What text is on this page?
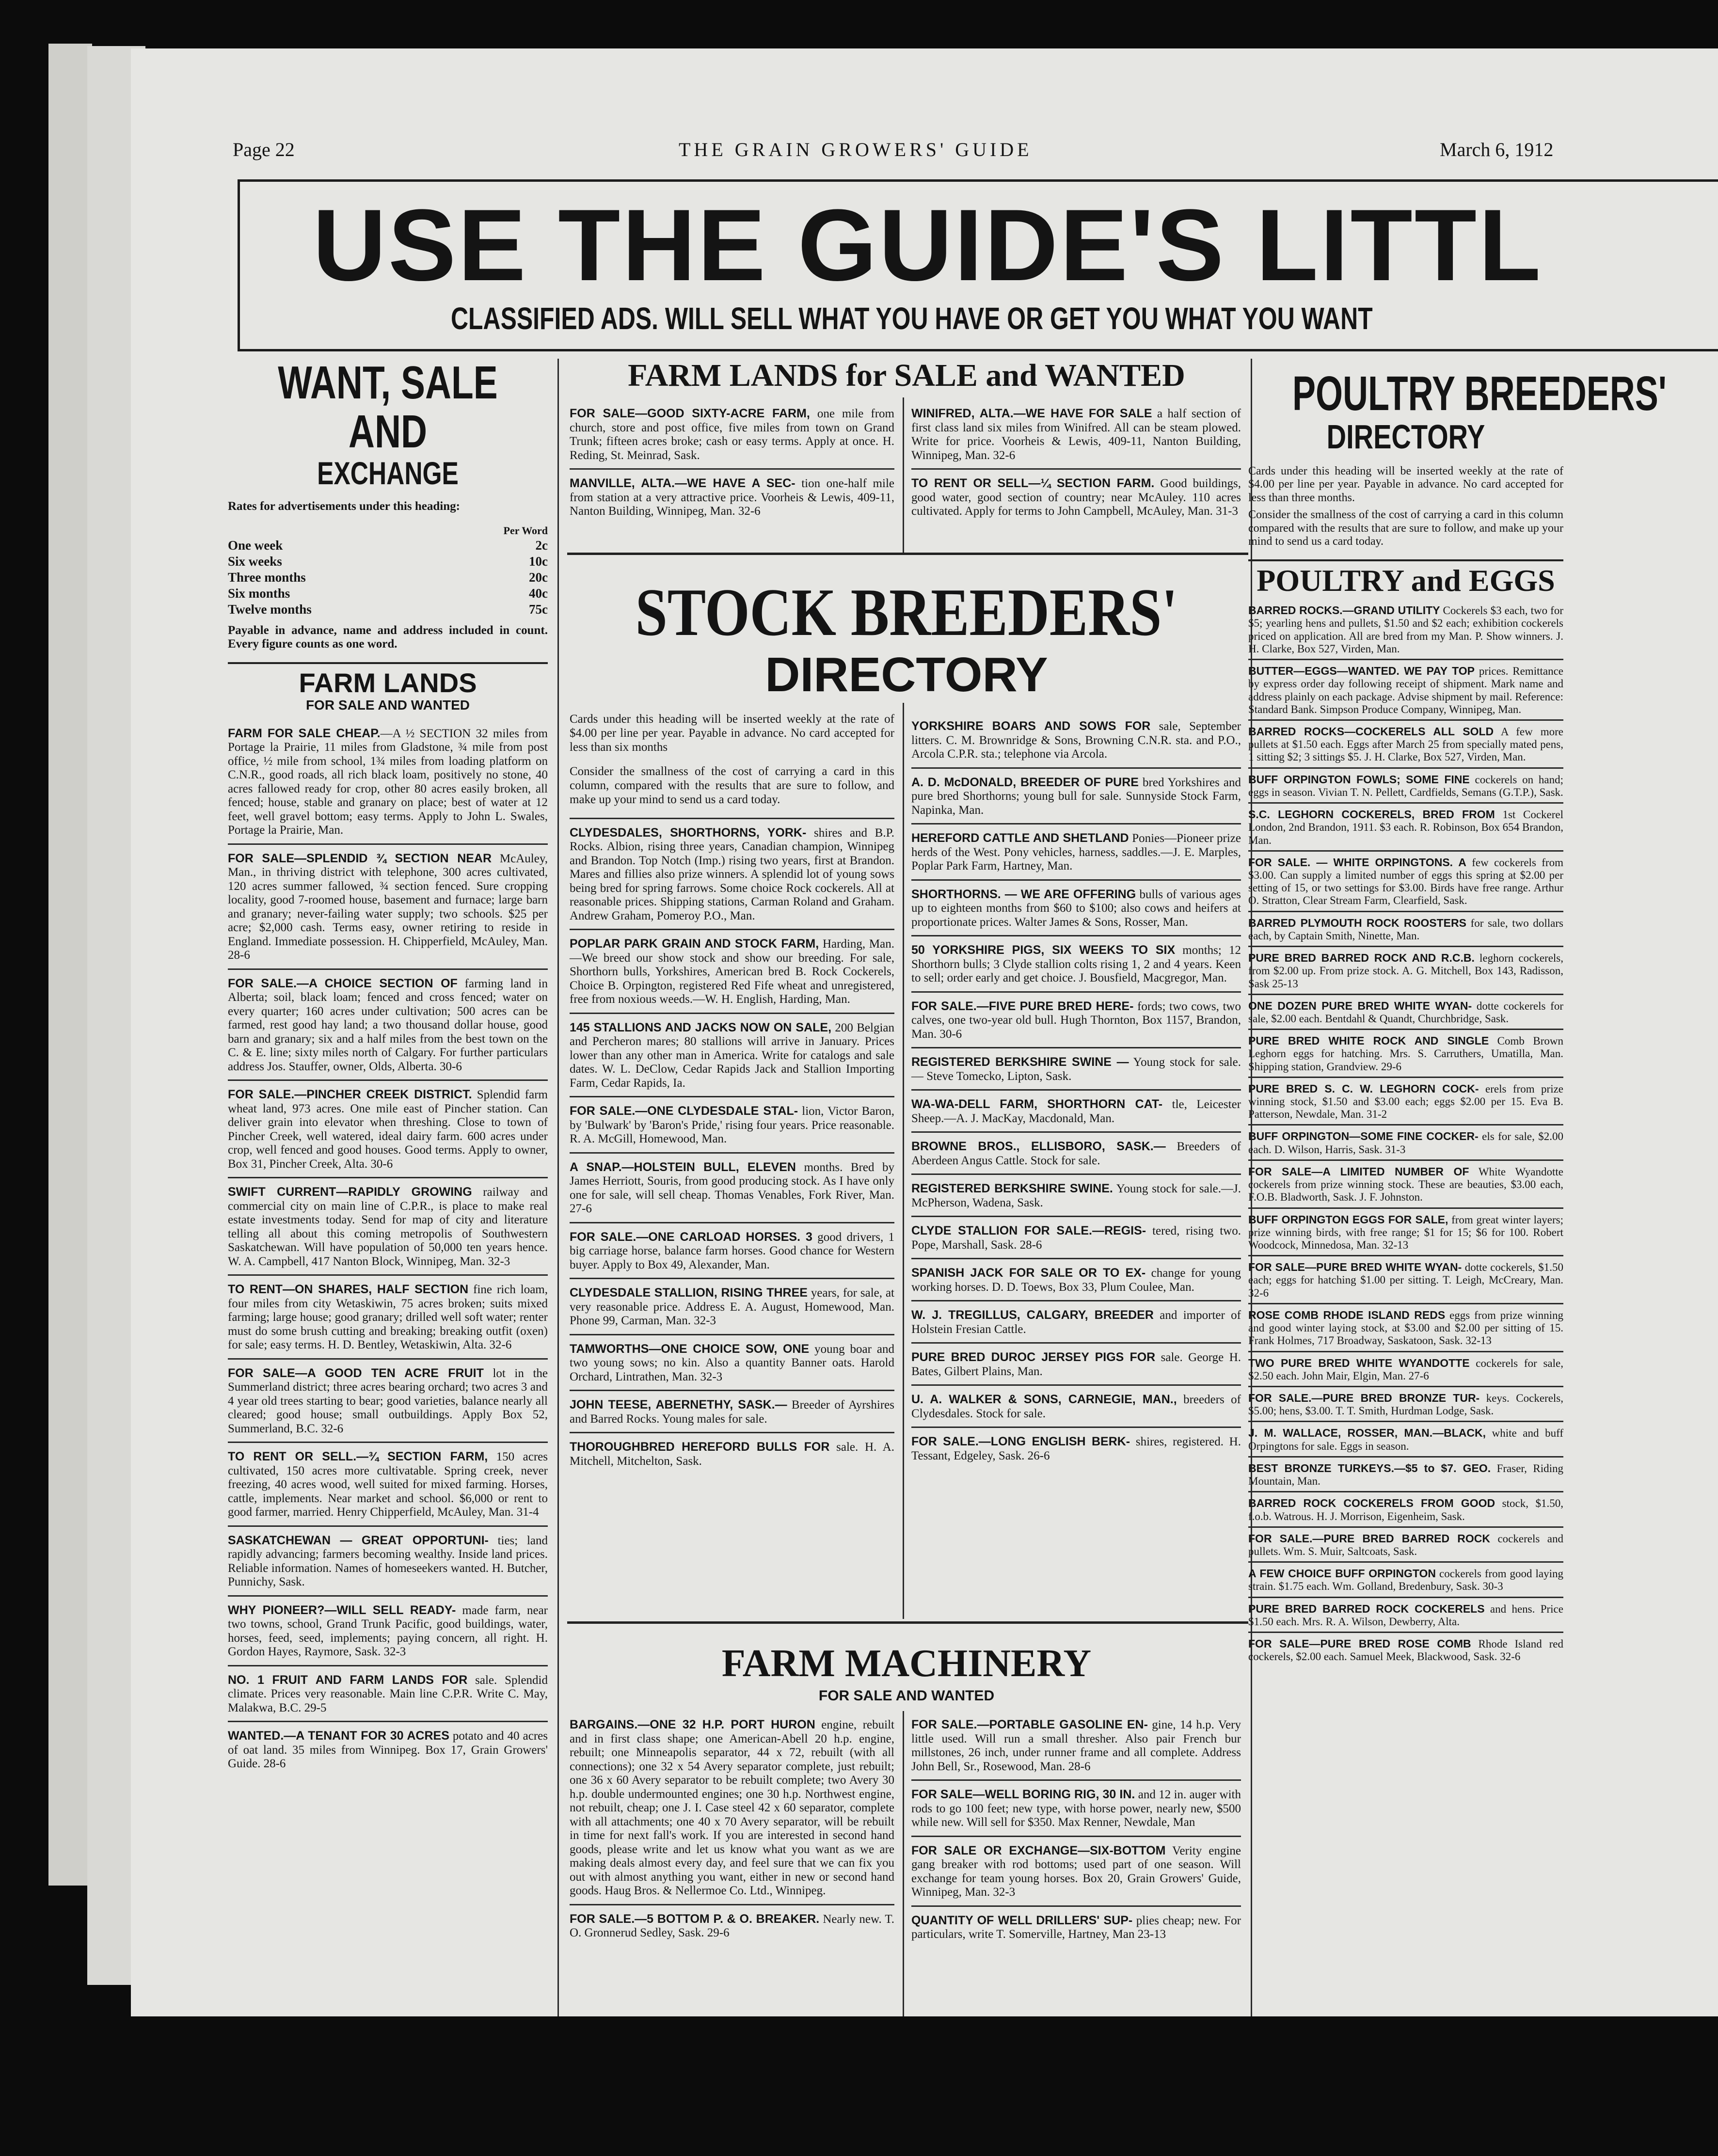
Page 22	THE GRAIN GROWERS' GUIDE	March 6, 1912
USE THE GUIDE'S LITTL
CLASSIFIED ADS. WILL SELL WHAT YOU HAVE OR GET YOU WHAT YOU WANT
WANT, SALE AND
EXCHANGE

Rates for advertisements under this heading:

Per Word
One week	2c
Six weeks	10c
Three months	20c
Six months	40c
Twelve months	75c

Payable in advance, name and address included in count. Every figure counts as one word.

FARM LANDS
FOR SALE AND WANTED

FARM FOR SALE CHEAP.—A ½ SECTION 32 miles from Portage la Prairie, 11 miles from Gladstone, ¾ mile from post office, ½ mile from school, 1¾ miles from loading platform on C.N.R., good roads, all rich black loam, positively no stone, 40 acres fallowed ready for crop, other 80 acres easily broken, all fenced; house, stable and granary on place; best of water at 12 feet, well gravel bottom; easy terms. Apply to John L. Swales, Portage la Prairie, Man.

FOR SALE—SPLENDID ¾ SECTION NEAR McAuley, Man., in thriving district with telephone, 300 acres cultivated, 120 acres summer fallowed, ¾ section fenced. Sure cropping locality, good 7-roomed house, basement and furnace; large barn and granary; never-failing water supply; two schools. $25 per acre; $2,000 cash. Terms easy, owner retiring to reside in England. Immediate possession. H. Chipperfield, McAuley, Man. 28-6

FOR SALE.—A CHOICE SECTION OF farming land in Alberta; soil, black loam; fenced and cross fenced; water on every quarter; 160 acres under cultivation; 500 acres can be farmed, rest good hay land; a two thousand dollar house, good barn and granary; six and a half miles from the best town on the C. & E. line; sixty miles north of Calgary. For further particulars address Jos. Stauffer, owner, Olds, Alberta. 30-6

FOR SALE.—PINCHER CREEK DISTRICT. Splendid farm wheat land, 973 acres. One mile east of Pincher station. Can deliver grain into elevator when threshing. Close to town of Pincher Creek, well watered, ideal dairy farm. 600 acres under crop, well fenced and good houses. Good terms. Apply to owner, Box 31, Pincher Creek, Alta. 30-6

SWIFT CURRENT—RAPIDLY GROWING railway and commercial city on main line of C.P.R., is place to make real estate investments today. Send for map of city and literature telling all about this coming metropolis of Southwestern Saskatchewan. Will have population of 50,000 ten years hence. W. A. Campbell, 417 Nanton Block, Winnipeg, Man. 32-3

TO RENT—ON SHARES, HALF SECTION fine rich loam, four miles from city Wetaskiwin, 75 acres broken; suits mixed farming; large house; good granary; drilled well soft water; renter must do some brush cutting and breaking; breaking outfit (oxen) for sale; easy terms. H. D. Bentley, Wetaskiwin, Alta. 32-6

FOR SALE—A GOOD TEN ACRE FRUIT lot in the Summerland district; three acres bearing orchard; two acres 3 and 4 year old trees starting to bear; good varieties, balance nearly all cleared; good house; small outbuildings. Apply Box 52, Summerland, B.C. 32-6

TO RENT OR SELL.—¾ SECTION FARM, 150 acres cultivated, 150 acres more cultivatable. Spring creek, never freezing, 40 acres wood, well suited for mixed farming. Horses, cattle, implements. Near market and school. $6,000 or rent to good farmer, married. Henry Chipperfield, McAuley, Man. 31-4

SASKATCHEWAN — GREAT OPPORTUNI- ties; land rapidly advancing; farmers becoming wealthy. Inside land prices. Reliable information. Names of homeseekers wanted. H. Butcher, Punnichy, Sask.

WHY PIONEER?—WILL SELL READY- made farm, near two towns, school, Grand Trunk Pacific, good buildings, water, horses, feed, seed, implements; paying concern, all right. H. Gordon Hayes, Raymore, Sask. 32-3

NO. 1 FRUIT AND FARM LANDS FOR sale. Splendid climate. Prices very reasonable. Main line C.P.R. Write C. May, Malakwa, B.C. 29-5

WANTED.—A TENANT FOR 30 ACRES potato and 40 acres of oat land. 35 miles from Winnipeg. Box 17, Grain Growers' Guide. 28-6

FARM LANDS for SALE and WANTED

FOR SALE—GOOD SIXTY-ACRE FARM, one mile from church, store and post office, five miles from town on Grand Trunk; fifteen acres broke; cash or easy terms. Apply at once. H. Reding, St. Meinrad, Sask.

MANVILLE, ALTA.—WE HAVE A SEC- tion one-half mile from station at a very attractive price. Voorheis & Lewis, 409-11, Nanton Building, Winnipeg, Man. 32-6

WINIFRED, ALTA.—WE HAVE FOR SALE a half section of first class land six miles from Winifred. All can be steam plowed. Write for price. Voorheis & Lewis, 409-11, Nanton Building, Winnipeg, Man. 32-6

TO RENT OR SELL—¼ SECTION FARM. Good buildings, good water, good section of country; near McAuley. 110 acres cultivated. Apply for terms to John Campbell, McAuley, Man. 31-3

STOCK BREEDERS'
DIRECTORY

Cards under this heading will be inserted weekly at the rate of $4.00 per line per year. Payable in advance. No card accepted for less than six months

Consider the smallness of the cost of carrying a card in this column, compared with the results that are sure to follow, and make up your mind to send us a card today.

CLYDESDALES, SHORTHORNS, YORK- shires and B.P. Rocks. Albion, rising three years, Canadian champion, Winnipeg and Brandon. Top Notch (Imp.) rising two years, first at Brandon. Mares and fillies also prize winners. A splendid lot of young sows being bred for spring farrows. Some choice Rock cockerels. All at reasonable prices. Shipping stations, Carman Roland and Graham. Andrew Graham, Pomeroy P.O., Man.

POPLAR PARK GRAIN AND STOCK FARM, Harding, Man.—We breed our show stock and show our breeding. For sale, Shorthorn bulls, Yorkshires, American bred B. Rock Cockerels, Choice B. Orpington, registered Red Fife wheat and unregistered, free from noxious weeds.—W. H. English, Harding, Man.

145 STALLIONS AND JACKS NOW ON SALE, 200 Belgian and Percheron mares; 80 stallions will arrive in January. Prices lower than any other man in America. Write for catalogs and sale dates. W. L. DeClow, Cedar Rapids Jack and Stallion Importing Farm, Cedar Rapids, Ia.

FOR SALE.—ONE CLYDESDALE STAL- lion, Victor Baron, by 'Bulwark' by 'Baron's Pride,' rising four years. Price reasonable. R. A. McGill, Homewood, Man.

A SNAP.—HOLSTEIN BULL, ELEVEN months. Bred by James Herriott, Souris, from good producing stock. As I have only one for sale, will sell cheap. Thomas Venables, Fork River, Man. 27-6

FOR SALE.—ONE CARLOAD HORSES. 3 good drivers, 1 big carriage horse, balance farm horses. Good chance for Western buyer. Apply to Box 49, Alexander, Man.

CLYDESDALE STALLION, RISING THREE years, for sale, at very reasonable price. Address E. A. August, Homewood, Man. Phone 99, Carman, Man. 32-3

TAMWORTHS—ONE CHOICE SOW, ONE young boar and two young sows; no kin. Also a quantity Banner oats. Harold Orchard, Lintrathen, Man. 32-3

JOHN TEESE, ABERNETHY, SASK.— Breeder of Ayrshires and Barred Rocks. Young males for sale.

THOROUGHBRED HEREFORD BULLS FOR sale. H. A. Mitchell, Mitchelton, Sask.

YORKSHIRE BOARS AND SOWS FOR sale, September litters. C. M. Brownridge & Sons, Browning C.N.R. sta. and P.O., Arcola C.P.R. sta.; telephone via Arcola.

A. D. McDONALD, BREEDER OF PURE bred Yorkshires and pure bred Shorthorns; young bull for sale. Sunnyside Stock Farm, Napinka, Man.

HEREFORD CATTLE AND SHETLAND Ponies—Pioneer prize herds of the West. Pony vehicles, harness, saddles.—J. E. Marples, Poplar Park Farm, Hartney, Man.

SHORTHORNS. — WE ARE OFFERING bulls of various ages up to eighteen months from $60 to $100; also cows and heifers at proportionate prices. Walter James & Sons, Rosser, Man.

50 YORKSHIRE PIGS, SIX WEEKS TO SIX months; 12 Shorthorn bulls; 3 Clyde stallion colts rising 1, 2 and 4 years. Keen to sell; order early and get choice. J. Bousfield, Macgregor, Man.

FOR SALE.—FIVE PURE BRED HERE- fords; two cows, two calves, one two-year old bull. Hugh Thornton, Box 1157, Brandon, Man. 30-6

REGISTERED BERKSHIRE SWINE — Young stock for sale. — Steve Tomecko, Lipton, Sask.

WA-WA-DELL FARM, SHORTHORN CAT- tle, Leicester Sheep.—A. J. MacKay, Macdonald, Man.

BROWNE BROS., ELLISBORO, SASK.— Breeders of Aberdeen Angus Cattle. Stock for sale.

REGISTERED BERKSHIRE SWINE. Young stock for sale.—J. McPherson, Wadena, Sask.

CLYDE STALLION FOR SALE.—REGIS- tered, rising two. Pope, Marshall, Sask. 28-6

SPANISH JACK FOR SALE OR TO EX- change for young working horses. D. D. Toews, Box 33, Plum Coulee, Man.

W. J. TREGILLUS, CALGARY, BREEDER and importer of Holstein Fresian Cattle.

PURE BRED DUROC JERSEY PIGS FOR sale. George H. Bates, Gilbert Plains, Man.

U. A. WALKER & SONS, CARNEGIE, MAN., breeders of Clydesdales. Stock for sale.

FOR SALE.—LONG ENGLISH BERK- shires, registered. H. Tessant, Edgeley, Sask. 26-6

FARM MACHINERY
FOR SALE AND WANTED

BARGAINS.—ONE 32 H.P. PORT HURON engine, rebuilt and in first class shape; one American-Abell 20 h.p. engine, rebuilt; one Minneapolis separator, 44 x 72, rebuilt (with all connections); one 32 x 54 Avery separator complete, just rebuilt; one 36 x 60 Avery separator to be rebuilt complete; two Avery 30 h.p. double undermounted engines; one 30 h.p. Northwest engine, not rebuilt, cheap; one J. I. Case steel 42 x 60 separator, complete with all attachments; one 40 x 70 Avery separator, will be rebuilt in time for next fall's work. If you are interested in second hand goods, please write and let us know what you want as we are making deals almost every day, and feel sure that we can fix you out with almost anything you want, either in new or second hand goods. Haug Bros. & Nellermoe Co. Ltd., Winnipeg.

FOR SALE.—5 BOTTOM P. & O. BREAKER. Nearly new. T. O. Gronnerud Sedley, Sask. 29-6

FOR SALE.—PORTABLE GASOLINE EN- gine, 14 h.p. Very little used. Will run a small thresher. Also pair French bur millstones, 26 inch, under runner frame and all complete. Address John Bell, Sr., Rosewood, Man. 28-6

FOR SALE—WELL BORING RIG, 30 IN. and 12 in. auger with rods to go 100 feet; new type, with horse power, nearly new, $500 while new. Will sell for $350. Max Renner, Newdale, Man

FOR SALE OR EXCHANGE—SIX-BOTTOM Verity engine gang breaker with rod bottoms; used part of one season. Will exchange for team young horses. Box 20, Grain Growers' Guide, Winnipeg, Man. 32-3

QUANTITY OF WELL DRILLERS' SUP- plies cheap; new. For particulars, write T. Somerville, Hartney, Man 23-13

POULTRY BREEDERS'
DIRECTORY

Cards under this heading will be inserted weekly at the rate of $4.00 per line per year. Payable in advance. No card accepted for less than three months.

Consider the smallness of the cost of carrying a card in this column compared with the results that are sure to follow, and make up your mind to send us a card today.

POULTRY and EGGS

BARRED ROCKS.—GRAND UTILITY Cockerels $3 each, two for $5; yearling hens and pullets, $1.50 and $2 each; exhibition cockerels priced on application. All are bred from my Man. P. Show winners. J. H. Clarke, Box 527, Virden, Man.

BUTTER—EGGS—WANTED. WE PAY TOP prices. Remittance by express order day following receipt of shipment. Mark name and address plainly on each package. Advise shipment by mail. Reference: Standard Bank. Simpson Produce Company, Winnipeg, Man.

BARRED ROCKS—COCKERELS ALL SOLD A few more pullets at $1.50 each. Eggs after March 25 from specially mated pens, 1 sitting $2; 3 sittings $5. J. H. Clarke, Box 527, Virden, Man.

BUFF ORPINGTON FOWLS; SOME FINE cockerels on hand; eggs in season. Vivian T. N. Pellett, Cardfields, Semans (G.T.P.), Sask.

S.C. LEGHORN COCKERELS, BRED FROM 1st Cockerel London, 2nd Brandon, 1911. $3 each. R. Robinson, Box 654 Brandon, Man.

FOR SALE. — WHITE ORPINGTONS. A few cockerels from $3.00. Can supply a limited number of eggs this spring at $2.00 per setting of 15, or two settings for $3.00. Birds have free range. Arthur O. Stratton, Clear Stream Farm, Clearfield, Sask.

BARRED PLYMOUTH ROCK ROOSTERS for sale, two dollars each, by Captain Smith, Ninette, Man.

PURE BRED BARRED ROCK AND R.C.B. leghorn cockerels, from $2.00 up. From prize stock. A. G. Mitchell, Box 143, Radisson, Sask 25-13

ONE DOZEN PURE BRED WHITE WYAN- dotte cockerels for sale, $2.00 each. Bentdahl & Quandt, Churchbridge, Sask.

PURE BRED WHITE ROCK AND SINGLE Comb Brown Leghorn eggs for hatching. Mrs. S. Carruthers, Umatilla, Man. Shipping station, Grandview. 29-6

PURE BRED S. C. W. LEGHORN COCK- erels from prize winning stock, $1.50 and $3.00 each; eggs $2.00 per 15. Eva B. Patterson, Newdale, Man. 31-2

BUFF ORPINGTON—SOME FINE COCKER- els for sale, $2.00 each. D. Wilson, Harris, Sask. 31-3

FOR SALE—A LIMITED NUMBER OF White Wyandotte cockerels from prize winning stock. These are beauties, $3.00 each, F.O.B. Bladworth, Sask. J. F. Johnston.

BUFF ORPINGTON EGGS FOR SALE, from great winter layers; prize winning birds, with free range; $1 for 15; $6 for 100. Robert Woodcock, Minnedosa, Man. 32-13

FOR SALE—PURE BRED WHITE WYAN- dotte cockerels, $1.50 each; eggs for hatching $1.00 per sitting. T. Leigh, McCreary, Man. 32-6

ROSE COMB RHODE ISLAND REDS eggs from prize winning and good winter laying stock, at $3.00 and $2.00 per sitting of 15. Frank Holmes, 717 Broadway, Saskatoon, Sask. 32-13

TWO PURE BRED WHITE WYANDOTTE cockerels for sale, $2.50 each. John Mair, Elgin, Man. 27-6

FOR SALE.—PURE BRED BRONZE TUR- keys. Cockerels, $5.00; hens, $3.00. T. T. Smith, Hurdman Lodge, Sask.

J. M. WALLACE, ROSSER, MAN.—BLACK, white and buff Orpingtons for sale. Eggs in season.

BEST BRONZE TURKEYS.—$5 to $7. GEO. Fraser, Riding Mountain, Man.

BARRED ROCK COCKERELS FROM GOOD stock, $1.50, f.o.b. Watrous. H. J. Morrison, Eigenheim, Sask.

FOR SALE.—PURE BRED BARRED ROCK cockerels and pullets. Wm. S. Muir, Saltcoats, Sask.

A FEW CHOICE BUFF ORPINGTON cockerels from good laying strain. $1.75 each. Wm. Golland, Bredenbury, Sask. 30-3

PURE BRED BARRED ROCK COCKERELS and hens. Price $1.50 each. Mrs. R. A. Wilson, Dewberry, Alta.

FOR SALE—PURE BRED ROSE COMB Rhode Island red cockerels, $2.00 each. Samuel Meek, Blackwood, Sask. 32-6
